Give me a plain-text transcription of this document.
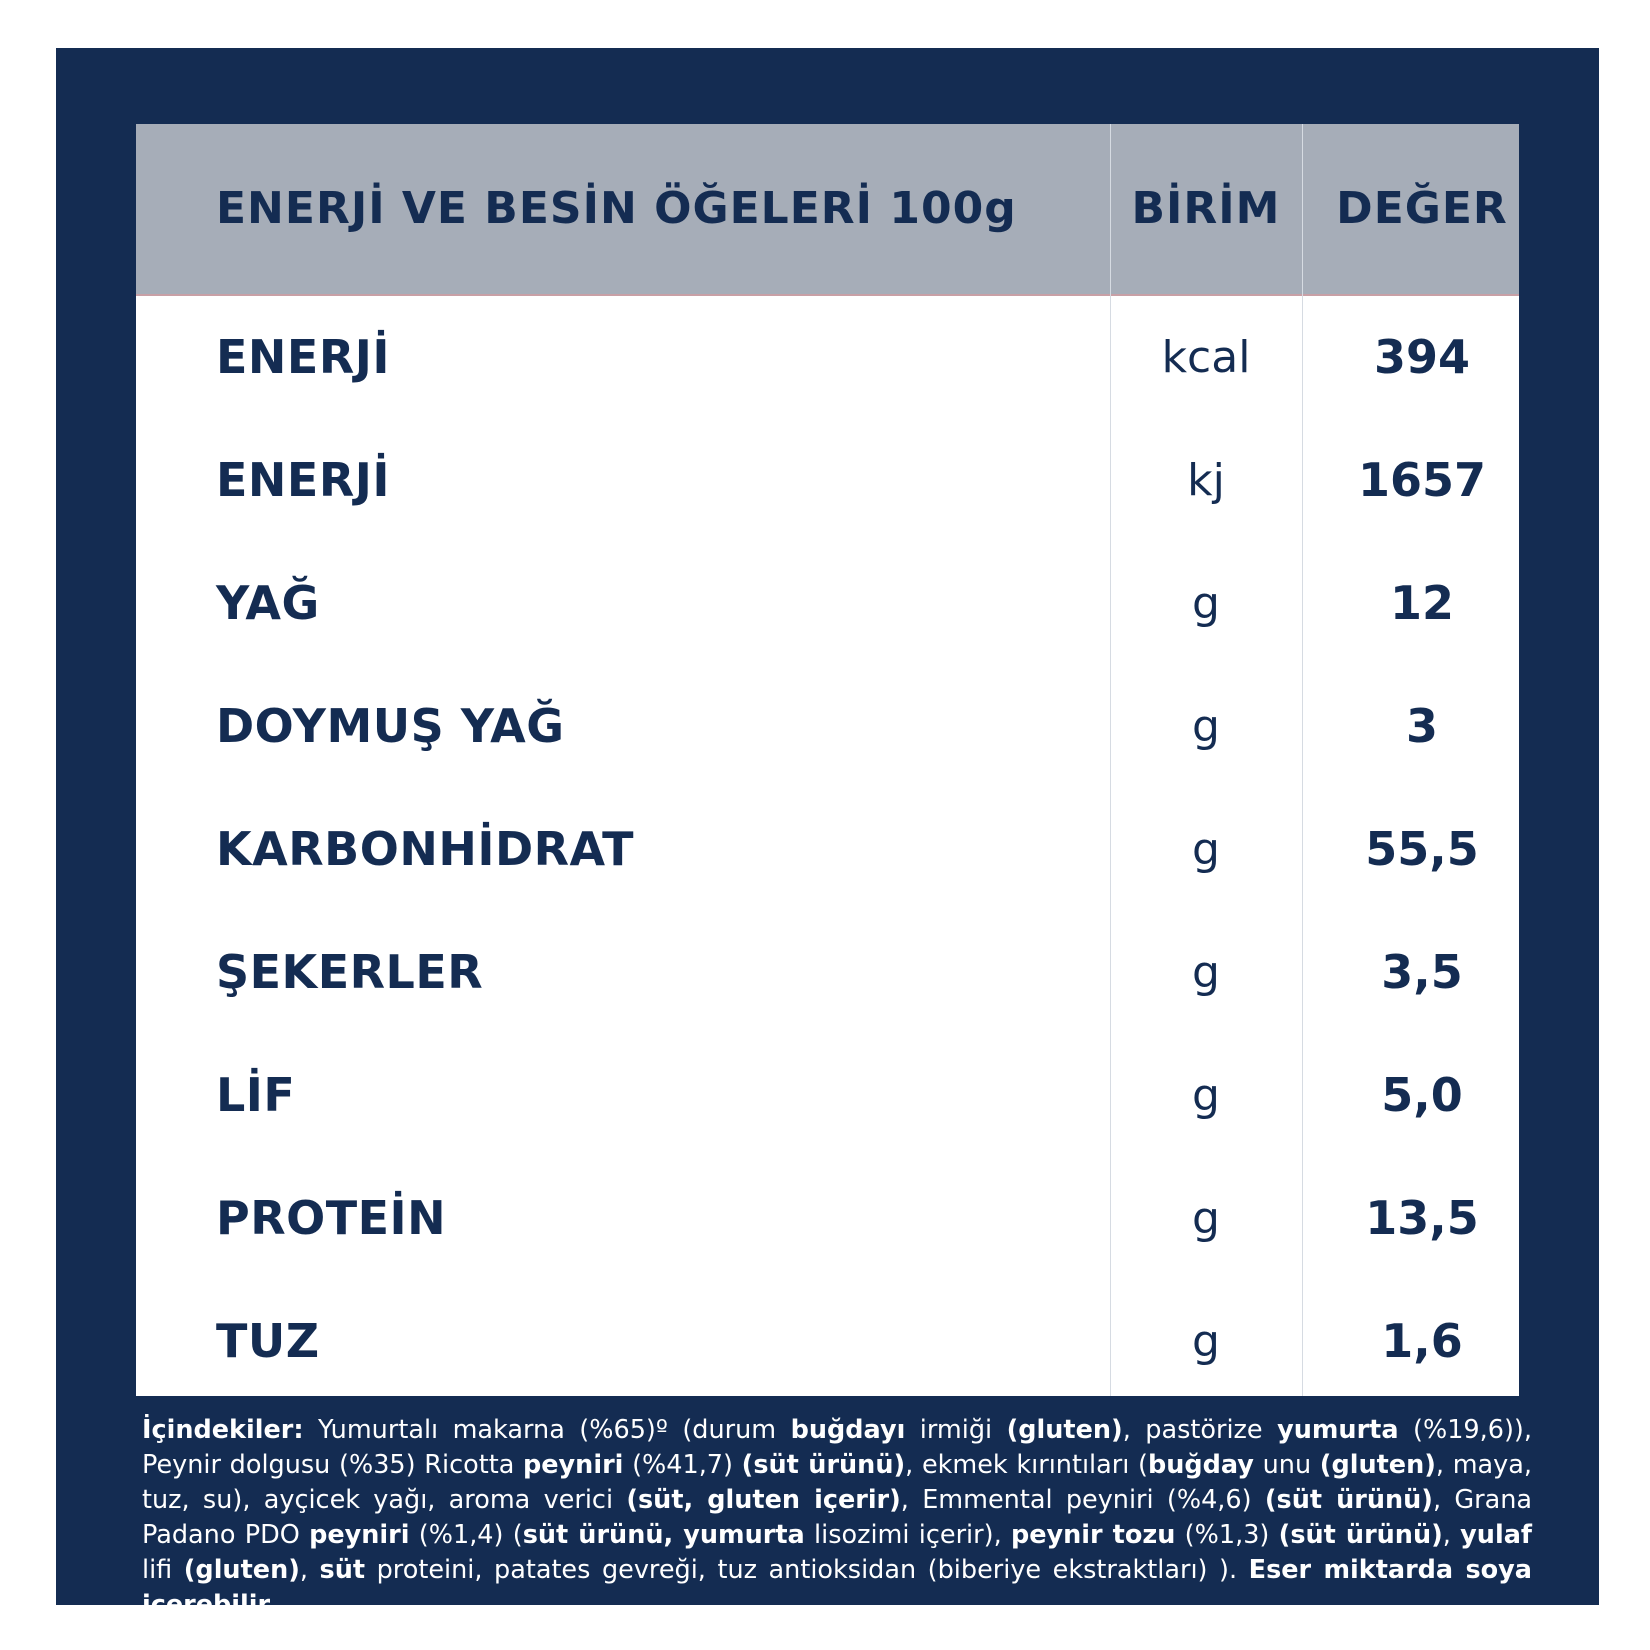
ENERJİ VE BESİN ÖĞELERİ 100g	BİRİM	DEĞER
ENERJİ	kcal	394
ENERJİ	kj	1657
YAĞ	g	12
DOYMUŞ YAĞ	g	3
KARBONHİDRAT	g	55,5
ŞEKERLER	g	3,5
LİF	g	5,0
PROTEİN	g	13,5
TUZ	g	1,6
İçindekiler: Yumurtalı makarna (%65)º (durum buğdayı irmiği (gluten), pastörize yumurta (%19,6)), Peynir dolgusu (%35) Ricotta peyniri (%41,7) (süt ürünü), ekmek kırıntıları (buğday unu (gluten), maya, tuz, su), ayçicek yağı, aroma verici (süt, gluten içerir), Emmental peyniri (%4,6) (süt ürünü), Grana Padano PDO peyniri (%1,4) (süt ürünü, yumurta lisozimi içerir), peynir tozu (%1,3) (süt ürünü), yulaf lifi (gluten), süt proteini, patates gevreği, tuz antioksidan (biberiye ekstraktları) ). Eser miktarda soya içerebilir.
